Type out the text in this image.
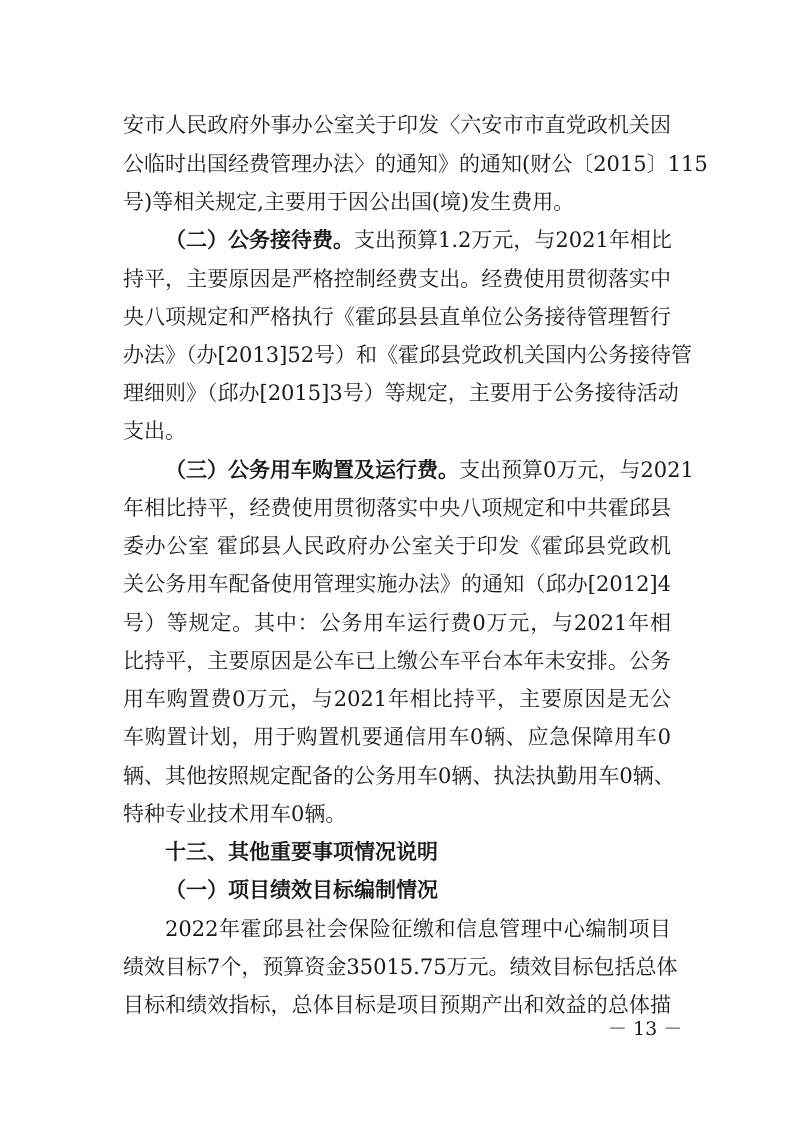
安市人民政府外事办公室关于印发〈六安市市直党政机关因
公临时出国经费管理办法〉的通知》的通知(财公〔2015〕115
号)等相关规定,主要用于因公出国(境)发生费用。
（二）公务接待费。支出预算1.2万元，与2021年相比
持平，主要原因是严格控制经费支出。经费使用贯彻落实中
央八项规定和严格执行《霍邱县县直单位公务接待管理暂行
办法》（办[2013]52号）和《霍邱县党政机关国内公务接待管
理细则》（邱办[2015]3号）等规定，主要用于公务接待活动
支出。
（三）公务用车购置及运行费。支出预算0万元，与2021
年相比持平，经费使用贯彻落实中央八项规定和中共霍邱县
委办公室 霍邱县人民政府办公室关于印发《霍邱县党政机
关公务用车配备使用管理实施办法》的通知（邱办[2012]4
号）等规定。其中：公务用车运行费0万元，与2021年相
比持平，主要原因是公车已上缴公车平台本年未安排。公务
用车购置费0万元，与2021年相比持平，主要原因是无公
车购置计划，用于购置机要通信用车0辆、应急保障用车0
辆、其他按照规定配备的公务用车0辆、执法执勤用车0辆、
特种专业技术用车0辆。
十三、其他重要事项情况说明
（一）项目绩效目标编制情况
2022年霍邱县社会保险征缴和信息管理中心编制项目
绩效目标7个，预算资金35015.75万元。绩效目标包括总体
目标和绩效指标，总体目标是项目预期产出和效益的总体描
－ 13 －
